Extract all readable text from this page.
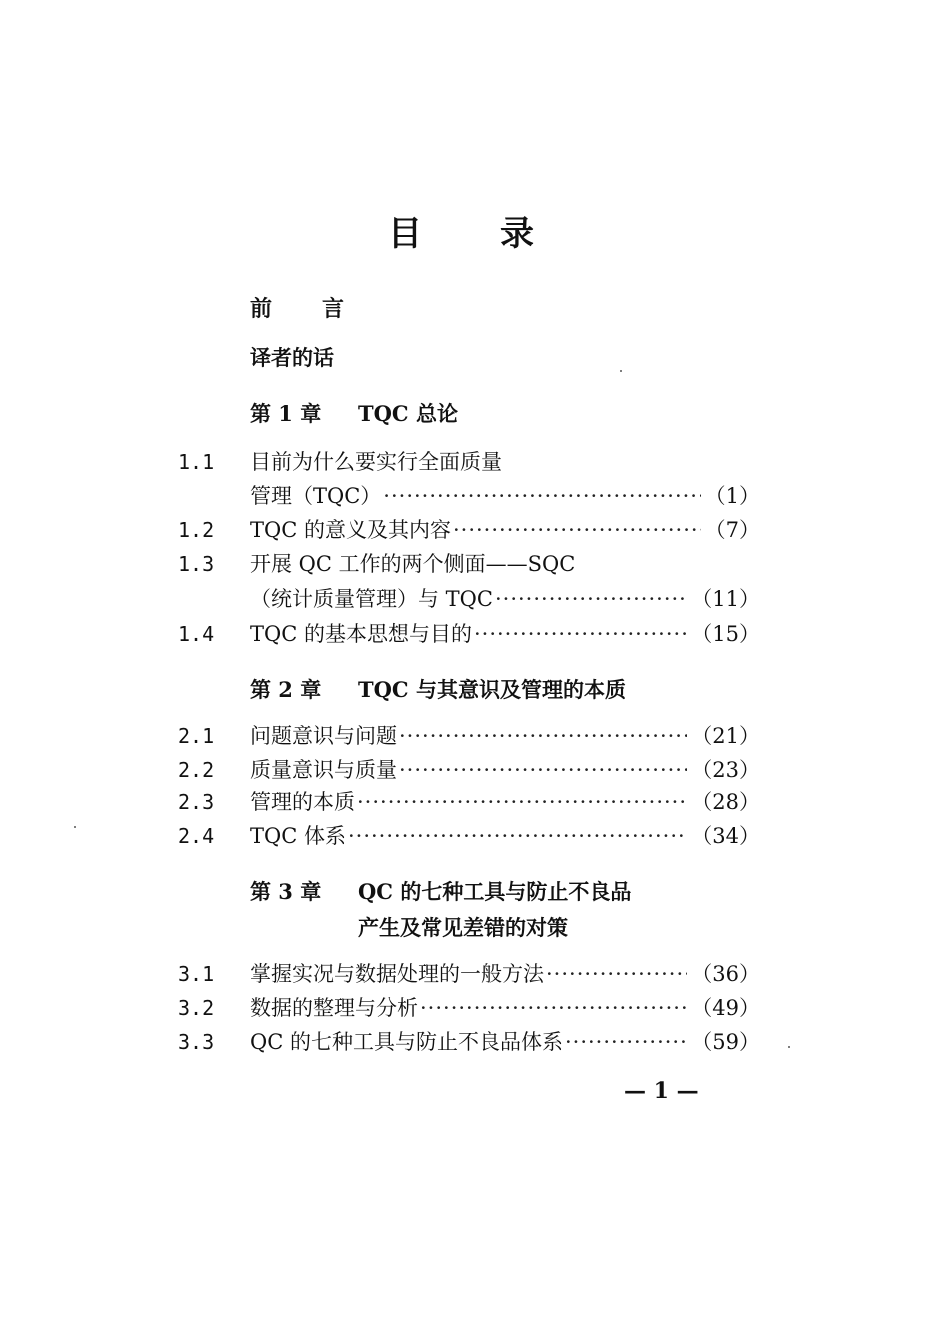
目 录
前 言
译者的话
第 1 章 TQC 总论
1.1 目前为什么要实行全面质量
管理（TQC） ·····	（1）
1.2 TQC 的意义及其内容 ·····	（7）
1.3 开展 QC 工作的两个侧面——SQC
（统计质量管理）与 TQC ·····	（11）
1.4 TQC 的基本思想与目的 ·····	（15）
第 2 章 TQC 与其意识及管理的本质
2.1 问题意识与问题 ·····	（21）
2.2 质量意识与质量 ·····	（23）
2.3 管理的本质 ·····	（28）
2.4 TQC 体系 ·····	（34）
第 3 章 QC 的七种工具与防止不良品
产生及常见差错的对策
3.1 掌握实况与数据处理的一般方法 ·····	（36）
3.2 数据的整理与分析 ·····	（49）
3.3 QC 的七种工具与防止不良品体系 ·····	（59）
— 1 —
